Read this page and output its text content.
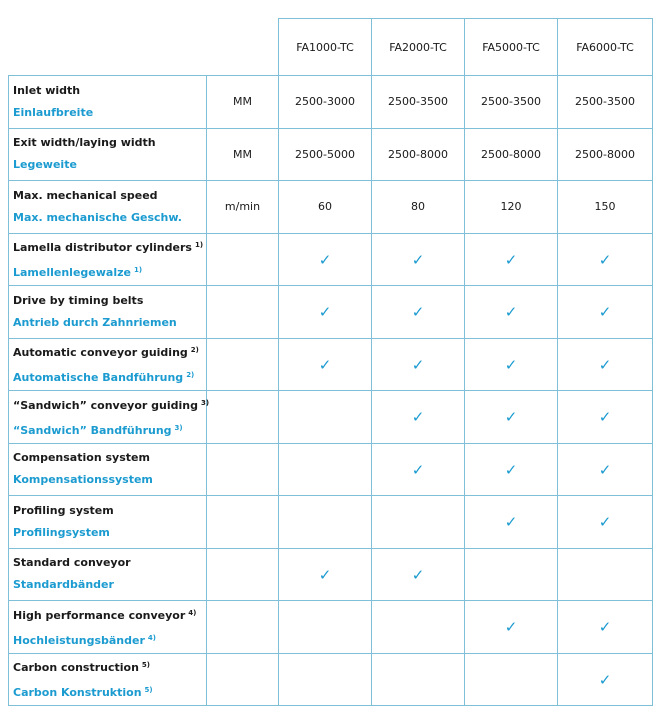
		FA1000-TC	FA2000-TC	FA5000-TC	FA6000-TC

Inlet width
Einlaufbreite	MM	2500-3000	2500-3500	2500-3500	2500-3500

Exit width/laying width
Legeweite	MM	2500-5000	2500-8000	2500-8000	2500-8000

Max. mechanical speed
Max. mechanische Geschw.	m/min	60	80	120	150

Lamella distributor cylinders $^{1)}$
Lamellenlegewalze $^{1)}$		✓	✓	✓	✓

Drive by timing belts
Antrieb durch Zahnriemen		✓	✓	✓	✓

Automatic conveyor guiding $^{2)}$
Automatische Bandführung $^{2)}$		✓	✓	✓	✓

“Sandwich” conveyor guiding $^{3)}$
“Sandwich” Bandführung $^{3)}$			✓	✓	✓

Compensation system
Kompensationssystem			✓	✓	✓

Profiling system
Profilingsystem				✓	✓

Standard conveyor
Standardbänder		✓	✓		

High performance conveyor $^{4)}$
Hochleistungsbänder $^{4)}$				✓	✓

Carbon construction $^{5)}$
Carbon Konstruktion $^{5)}$					✓
